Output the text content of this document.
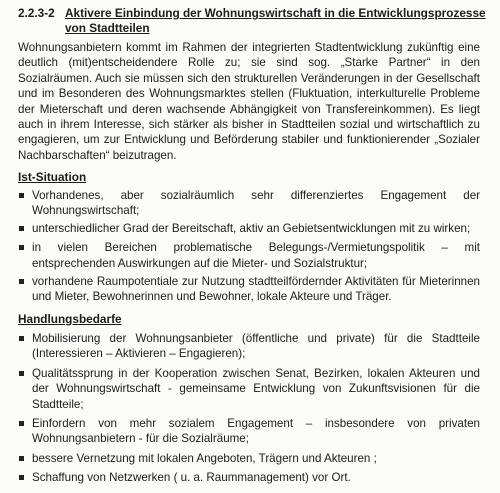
2.2.3-2 Aktivere Einbindung der Wohnungswirtschaft in die Entwicklungsprozesse von Stadtteilen
Wohnungsanbietern kommt im Rahmen der integrierten Stadtentwicklung zukünftig eine deutlich (mit)entscheidendere Rolle zu; sie sind sog. „Starke Partner“ in den Sozialräumen. Auch sie müssen sich den strukturellen Veränderungen in der Gesellschaft und im Besonderen des Wohnungsmarktes stellen (Fluktuation, interkulturelle Probleme der Mieterschaft und deren wachsende Abhängigkeit von Transfereinkommen). Es liegt auch in ihrem Interesse, sich stärker als bisher in Stadtteilen sozial und wirtschaftlich zu engagieren, um zur Entwicklung und Beförderung stabiler und funktionierender „Sozialer Nachbarschaften“ beizutragen.
Ist-Situation
Vorhandenes, aber sozialräumlich sehr differenziertes Engagement der Wohnungswirtschaft;
unterschiedlicher Grad der Bereitschaft, aktiv an Gebietsentwicklungen mit zu wirken;
in vielen Bereichen problematische Belegungs-/Vermietungspolitik – mit entsprechenden Auswirkungen auf die Mieter- und Sozialstruktur;
vorhandene Raumpotentiale zur Nutzung stadtteilfördernder Aktivitäten für Mieterinnen und Mieter, Bewohnerinnen und Bewohner, lokale Akteure und Träger.
Handlungsbedarfe
Mobilisierung der Wohnungsanbieter (öffentliche und private) für die Stadtteile (Interessieren – Aktivieren – Engagieren);
Qualitätssprung in der Kooperation zwischen Senat, Bezirken, lokalen Akteuren und der Wohnungswirtschaft - gemeinsame Entwicklung von Zukunftsvisionen für die Stadtteile;
Einfordern von mehr sozialem Engagement – insbesondere von privaten Wohnungsanbietern - für die Sozialräume;
bessere Vernetzung mit lokalen Angeboten, Trägern und Akteuren ;
Schaffung von Netzwerken ( u. a. Raummanagement) vor Ort.
